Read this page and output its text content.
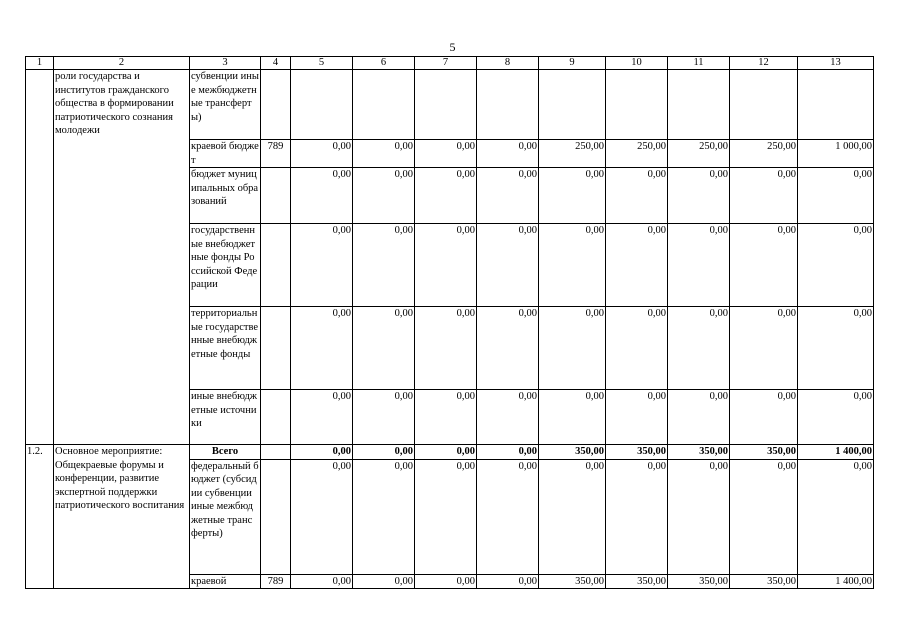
5
1	2	3	4	5	6	7	8	9	10	11	12	13
	роли государства и институтов гражданского общества в формировании патриотического сознания молодежи	субвенции иные межбюджетные трансферты)										
		краевой бюджет	789	0,00	0,00	0,00	0,00	250,00	250,00	250,00	250,00	1 000,00
		бюджет муниципальных образований		0,00	0,00	0,00	0,00	0,00	0,00	0,00	0,00	0,00
		государственные внебюджетные фонды Российской Федерации		0,00	0,00	0,00	0,00	0,00	0,00	0,00	0,00	0,00
		территориальные государственные внебюджетные фонды		0,00	0,00	0,00	0,00	0,00	0,00	0,00	0,00	0,00
		иные внебюджетные источники		0,00	0,00	0,00	0,00	0,00	0,00	0,00	0,00	0,00
1.2.	Основное мероприятие: Общекраевые форумы и конференции, развитие экспертной поддержки патриотического воспитания	Всего		0,00	0,00	0,00	0,00	350,00	350,00	350,00	350,00	1 400,00
		федеральный бюджет (субсидии субвенции иные межбюджетные трансферты)		0,00	0,00	0,00	0,00	0,00	0,00	0,00	0,00	0,00
		краевой	789	0,00	0,00	0,00	0,00	350,00	350,00	350,00	350,00	1 400,00
